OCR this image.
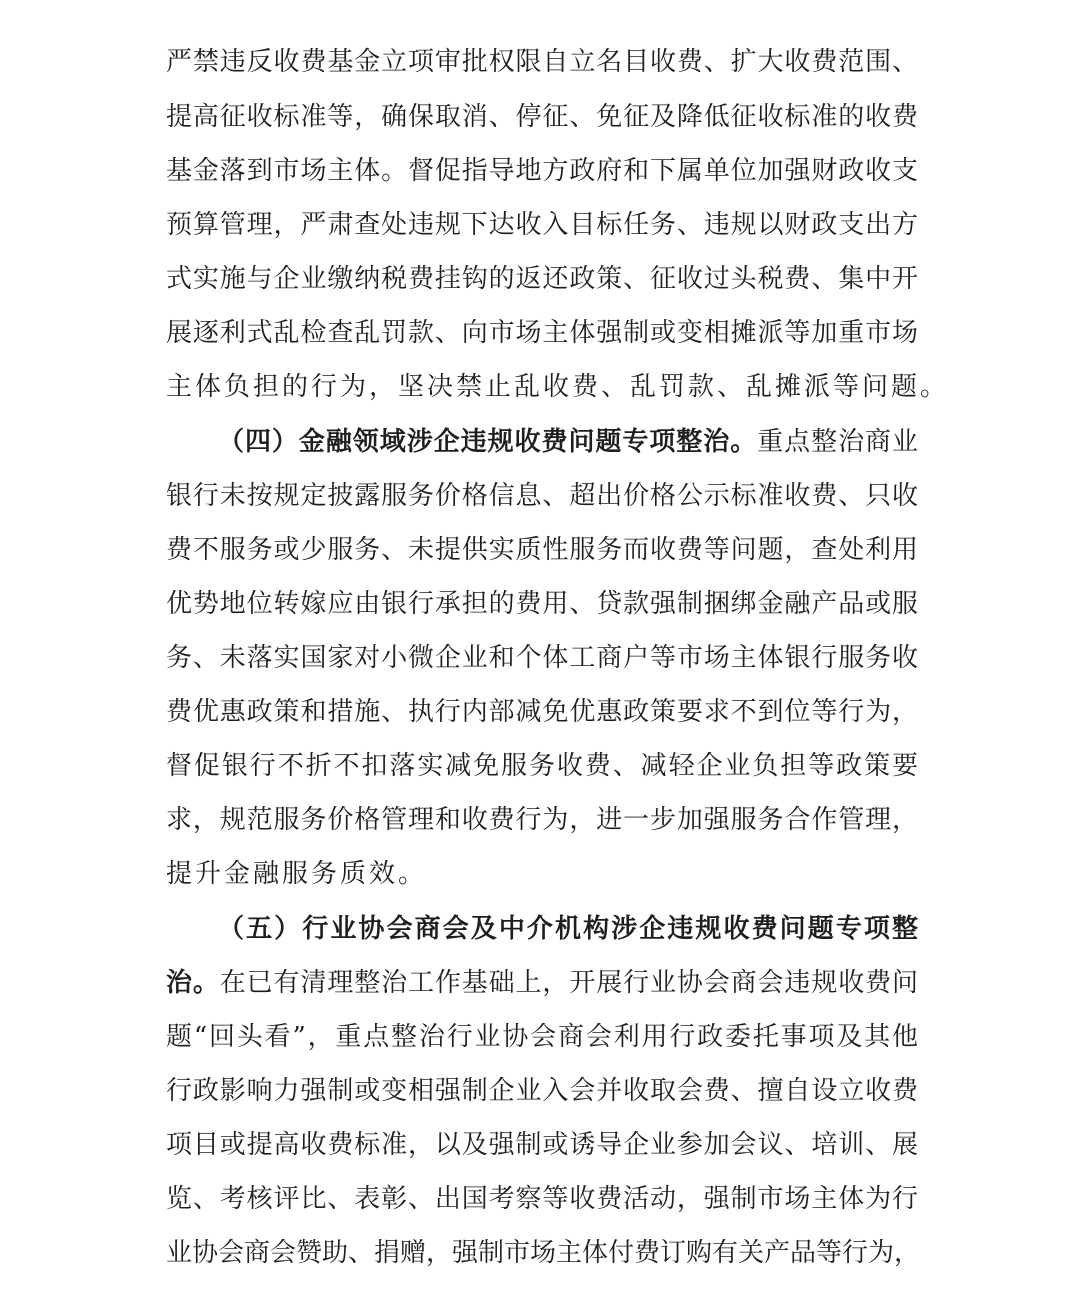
严禁违反收费基金立项审批权限自立名目收费、扩大收费范围、
提高征收标准等，确保取消、停征、免征及降低征收标准的收费
基金落到市场主体。督促指导地方政府和下属单位加强财政收支
预算管理，严肃查处违规下达收入目标任务、违规以财政支出方
式实施与企业缴纳税费挂钩的返还政策、征收过头税费、集中开
展逐利式乱检查乱罚款、向市场主体强制或变相摊派等加重市场
主体负担的行为，坚决禁止乱收费、乱罚款、乱摊派等问题。
（四）金融领域涉企违规收费问题专项整治。重点整治商业
银行未按规定披露服务价格信息、超出价格公示标准收费、只收
费不服务或少服务、未提供实质性服务而收费等问题，查处利用
优势地位转嫁应由银行承担的费用、贷款强制捆绑金融产品或服
务、未落实国家对小微企业和个体工商户等市场主体银行服务收
费优惠政策和措施、执行内部减免优惠政策要求不到位等行为，
督促银行不折不扣落实减免服务收费、减轻企业负担等政策要
求，规范服务价格管理和收费行为，进一步加强服务合作管理，
提升金融服务质效。
（五）行业协会商会及中介机构涉企违规收费问题专项整
治。在已有清理整治工作基础上，开展行业协会商会违规收费问
题“回头看”，重点整治行业协会商会利用行政委托事项及其他
行政影响力强制或变相强制企业入会并收取会费、擅自设立收费
项目或提高收费标准，以及强制或诱导企业参加会议、培训、展
览、考核评比、表彰、出国考察等收费活动，强制市场主体为行
业协会商会赞助、捐赠，强制市场主体付费订购有关产品等行为，
